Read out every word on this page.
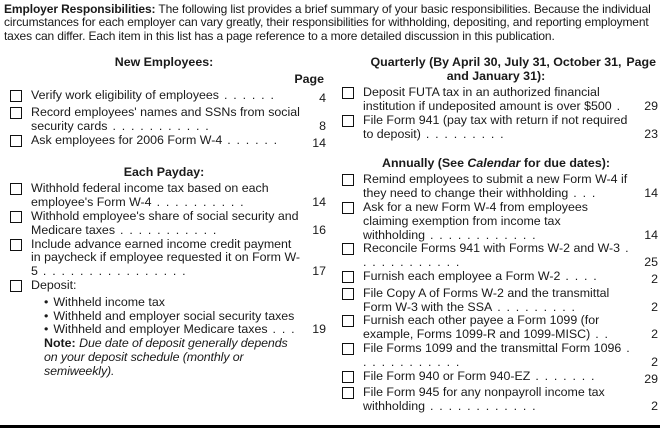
Employer Responsibilities: The following list provides a brief summary of your basic responsibilities. Because the individual circumstances for each employer can vary greatly, their responsibilities for withholding, depositing, and reporting employment taxes can differ. Each item in this list has a page reference to a more detailed discussion in this publication.

New Employees:
Page
Verify work eligibility of employees . . . . . .	4
Record employees' names and SSNs from social security cards . . . . . . . . . . .	8
Ask employees for 2006 Form W-4 . . . . . .	14
Each Payday:
Withhold federal income tax based on each employee's Form W-4 . . . . . . . . . .	14
Withhold employee's share of social security and Medicare taxes . . . . . . . . . . .	16
Include advance earned income credit payment in paycheck if employee requested it on Form W-5 . . . . . . . . . . . . . . . .	17
Deposit:
• Withheld income tax
• Withheld and employer social security taxes
• Withheld and employer Medicare taxes . . .	19
Note: Due date of deposit generally depends on your deposit schedule (monthly or semiweekly).
Quarterly (By April 30, July 31, October 31, and January 31):
Page
Deposit FUTA tax in an authorized financial institution if undeposited amount is over $500 .	29
File Form 941 (pay tax with return if not required to deposit) . . . . . . . . .	23
Annually (See Calendar for due dates):
Remind employees to submit a new Form W-4 if they need to change their withholding . . .	14
Ask for a new Form W-4 from employees claiming exemption from income tax withholding . . . . . . . . . . . .	14
Reconcile Forms 941 with Forms W-2 and W-3 . . . . . . . . . . . .	25
Furnish each employee a Form W-2 . . . .	2
File Copy A of Forms W-2 and the transmittal Form W-3 with the SSA . . . . . . . . .	2
Furnish each other payee a Form 1099 (for example, Forms 1099-R and 1099-MISC) . .	2
File Forms 1099 and the transmittal Form 1096 . . . . . . . . . . . .	2
File Form 940 or Form 940-EZ . . . . . . .	29
File Form 945 for any nonpayroll income tax withholding . . . . . . . . . . . .	2
